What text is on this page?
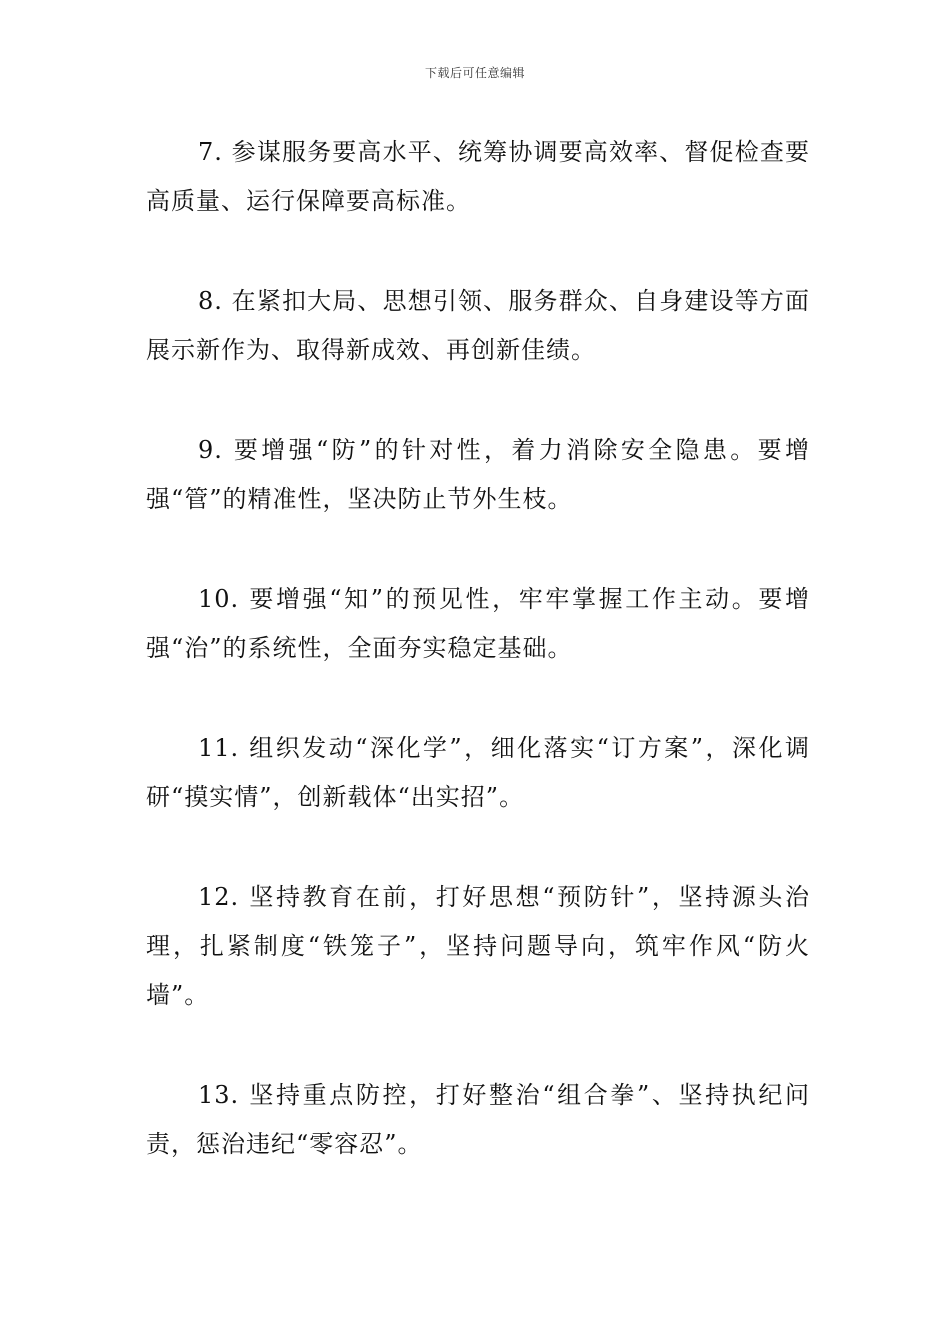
下载后可任意编辑

7. 参谋服务要高水平、统筹协调要高效率、督促检查要高质量、运行保障要高标准。

8. 在紧扣大局、思想引领、服务群众、自身建设等方面展示新作为、取得新成效、再创新佳绩。

9. 要增强“防”的针对性，着力消除安全隐患。要增强“管”的精准性，坚决防止节外生枝。

10. 要增强“知”的预见性，牢牢掌握工作主动。要增强“治”的系统性，全面夯实稳定基础。

11. 组织发动“深化学”，细化落实“订方案”，深化调研“摸实情”，创新载体“出实招”。

12. 坚持教育在前，打好思想“预防针”，坚持源头治理，扎紧制度“铁笼子”，坚持问题导向，筑牢作风“防火墙”。

13. 坚持重点防控，打好整治“组合拳”、坚持执纪问责，惩治违纪“零容忍”。
